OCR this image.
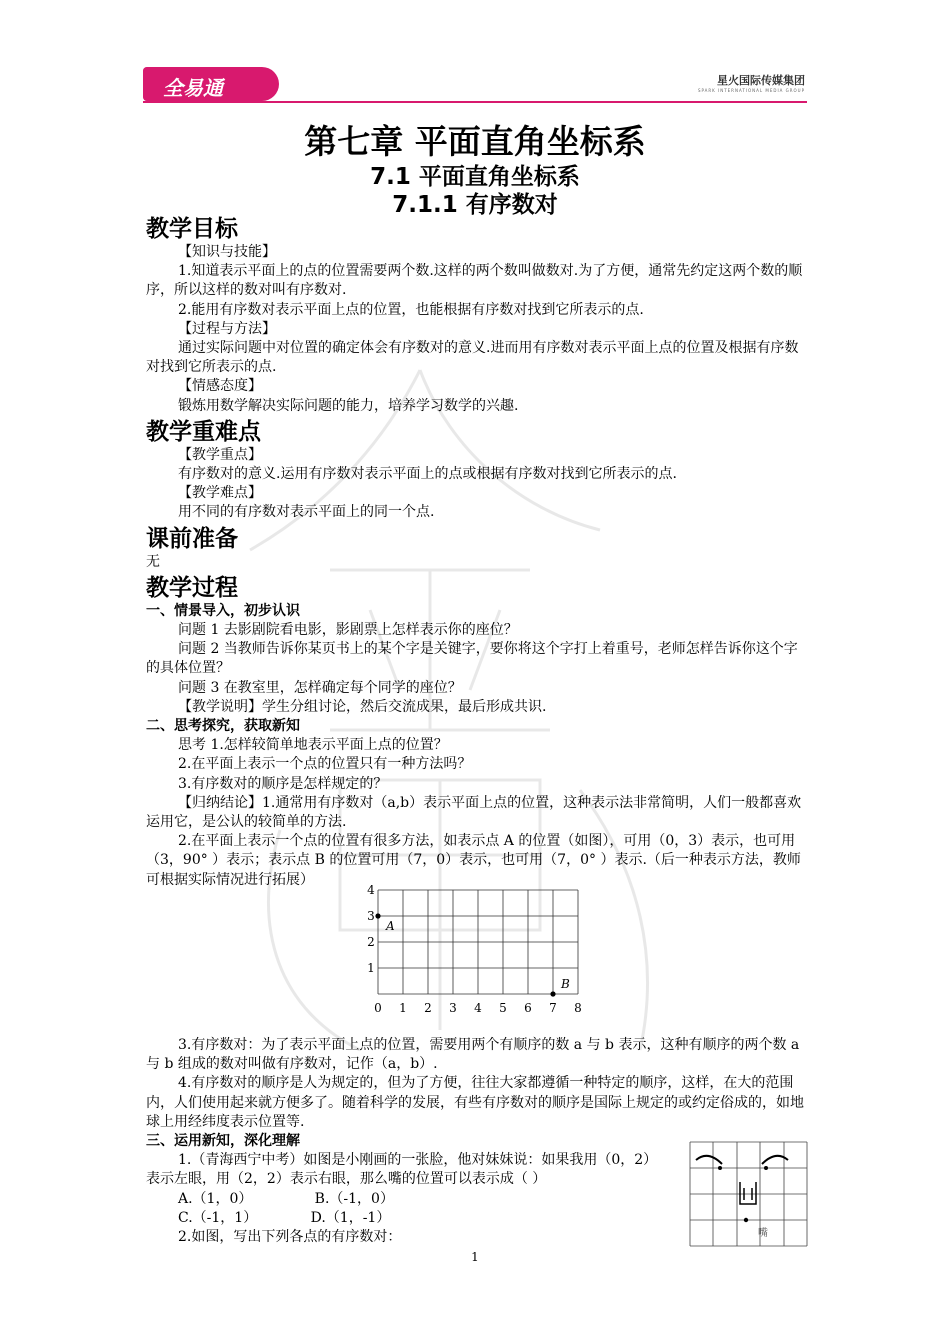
全易通	星火国际传媒集团
SPARK INTERNATIONAL MEDIA GROUP
第七章 平面直角坐标系
7.1 平面直角坐标系
7.1.1 有序数对
教学目标
【知识与技能】
1.知道表示平面上的点的位置需要两个数.这样的两个数叫做数对.为了方便，通常先约定这两个数的顺序，所以这样的数对叫有序数对.
2.能用有序数对表示平面上点的位置，也能根据有序数对找到它所表示的点.
【过程与方法】
通过实际问题中对位置的确定体会有序数对的意义.进而用有序数对表示平面上点的位置及根据有序数对找到它所表示的点.
【情感态度】
锻炼用数学解决实际问题的能力，培养学习数学的兴趣.
教学重难点
【教学重点】
有序数对的意义.运用有序数对表示平面上的点或根据有序数对找到它所表示的点.
【教学难点】
用不同的有序数对表示平面上的同一个点.
课前准备
无
教学过程
一、情景导入，初步认识
问题 1 去影剧院看电影，影剧票上怎样表示你的座位？
问题 2 当教师告诉你某页书上的某个字是关键字，要你将这个字打上着重号，老师怎样告诉你这个字的具体位置？
问题 3 在教室里，怎样确定每个同学的座位？
【教学说明】学生分组讨论，然后交流成果，最后形成共识.
二、思考探究，获取新知
思考 1.怎样较简单地表示平面上点的位置？
2.在平面上表示一个点的位置只有一种方法吗？
3.有序数对的顺序是怎样规定的？
【归纳结论】1.通常用有序数对（a,b）表示平面上点的位置，这种表示法非常简明，人们一般都喜欢运用它，是公认的较简单的方法.
2.在平面上表示一个点的位置有很多方法，如表示点 A 的位置（如图），可用（0，3）表示，也可用（3，90° ）表示；表示点 B 的位置可用（7，0）表示，也可用（7，0° ）表示.（后一种表示方法，教师可根据实际情况进行拓展）
3.有序数对：为了表示平面上点的位置，需要用两个有顺序的数 a 与 b 表示，这种有顺序的两个数 a 与 b 组成的数对叫做有序数对，记作（a，b）.
4.有序数对的顺序是人为规定的，但为了方便，往往大家都遵循一种特定的顺序，这样，在大的范围内，人们使用起来就方便多了。随着科学的发展，有些有序数对的顺序是国际上规定的或约定俗成的，如地球上用经纬度表示位置等.
三、运用新知，深化理解
1.（青海西宁中考）如图是小刚画的一张脸，他对妹妹说：如果我用（0，2）表示左眼，用（2，2）表示右眼，那么嘴的位置可以表示成（ ）
A.（1，0）              B.（-1，0）
C.（-1，1）            D.（1，-1）
2.如图，写出下列各点的有序数对：
0 1 2 3 4 5 6 7 8
1
2
3
4
A
B
嘴
1
